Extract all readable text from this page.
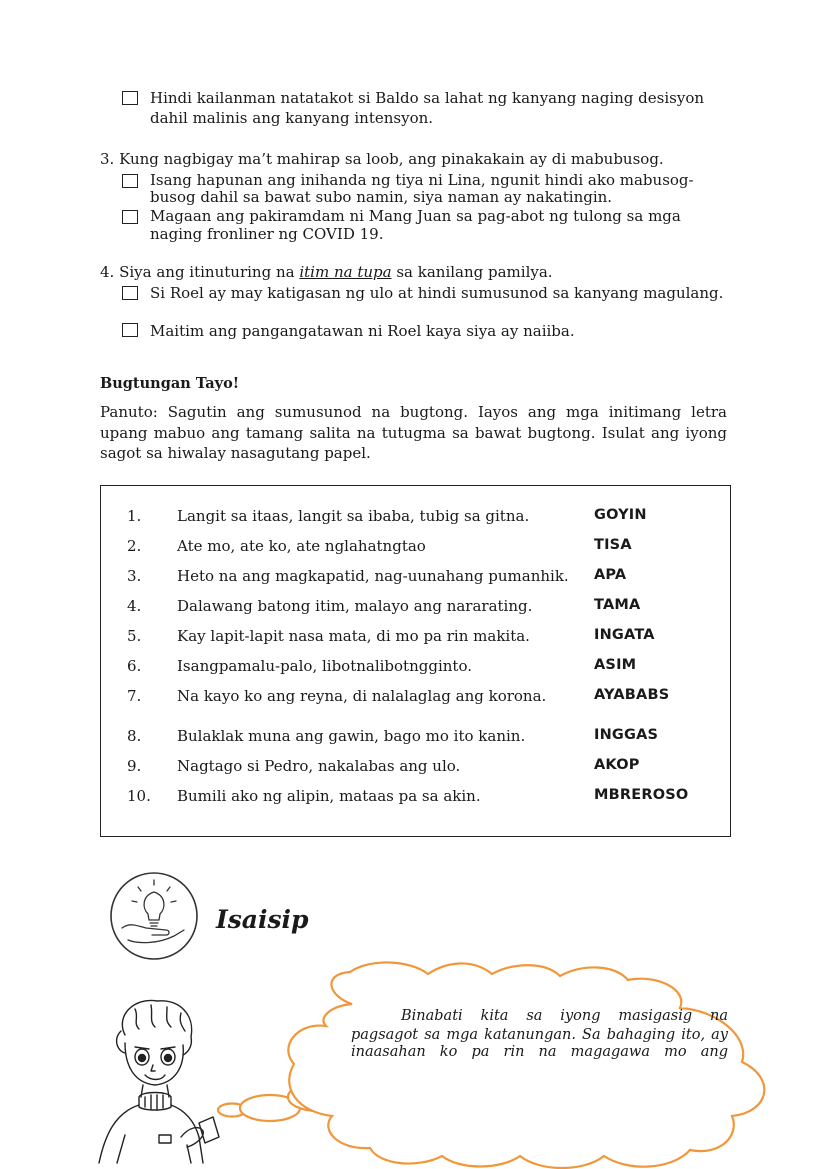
Hindi kailanman natatakot si Baldo sa lahat ng kanyang naging desisyon
dahil malinis ang kanyang intensyon.
3. Kung nagbigay ma’t mahirap sa loob, ang pinakakain ay di mabubusog.
Isang hapunan ang inihanda ng tiya ni Lina, ngunit hindi ako mabusog-
busog dahil sa bawat subo namin, siya naman ay nakatingin.
Magaan ang pakiramdam ni Mang Juan sa pag-abot ng tulong sa mga
naging fronliner ng COVID 19.
4. Siya ang itinuturing na itim na tupa sa kanilang pamilya.
Si Roel ay may katigasan ng ulo at hindi sumusunod sa kanyang magulang.
Maitim ang pangangatawan ni Roel kaya siya ay naiiba.
Bugtungan Tayo!
Panuto: Sagutin ang sumusunod na bugtong. Iayos ang mga initimang letra upang mabuo ang tamang salita na tutugma sa bawat bugtong. Isulat ang iyong sagot sa hiwalay nasagutang papel.
1.	Langit sa itaas, langit sa ibaba, tubig sa gitna.	GOYIN
2.	Ate mo, ate ko, ate nglahatngtao	TISA
3.	Heto na ang magkapatid, nag-uunahang pumanhik. APA
4.	Dalawang batong itim, malayo ang nararating.	TAMA
5.	Kay lapit-lapit nasa mata, di mo pa rin makita.	INGATA
6.	Isangpamalu-palo, libotnalibotngginto.	ASIM
7.	Na kayo ko ang reyna, di nalalaglag ang korona.	AYABABS
8.	Bulaklak muna ang gawin, bago mo ito kanin.	INGGAS
9.	Nagtago si Pedro, nakalabas ang ulo.	AKOP
10.	Bumili ako ng alipin, mataas pa sa akin.	MBREROSO
Isaisip
Binabati kita sa iyong masigasig na
pagsagot sa mga katanungan. Sa bahaging ito, ay
inaasahan ko pa rin na magagawa mo ang
